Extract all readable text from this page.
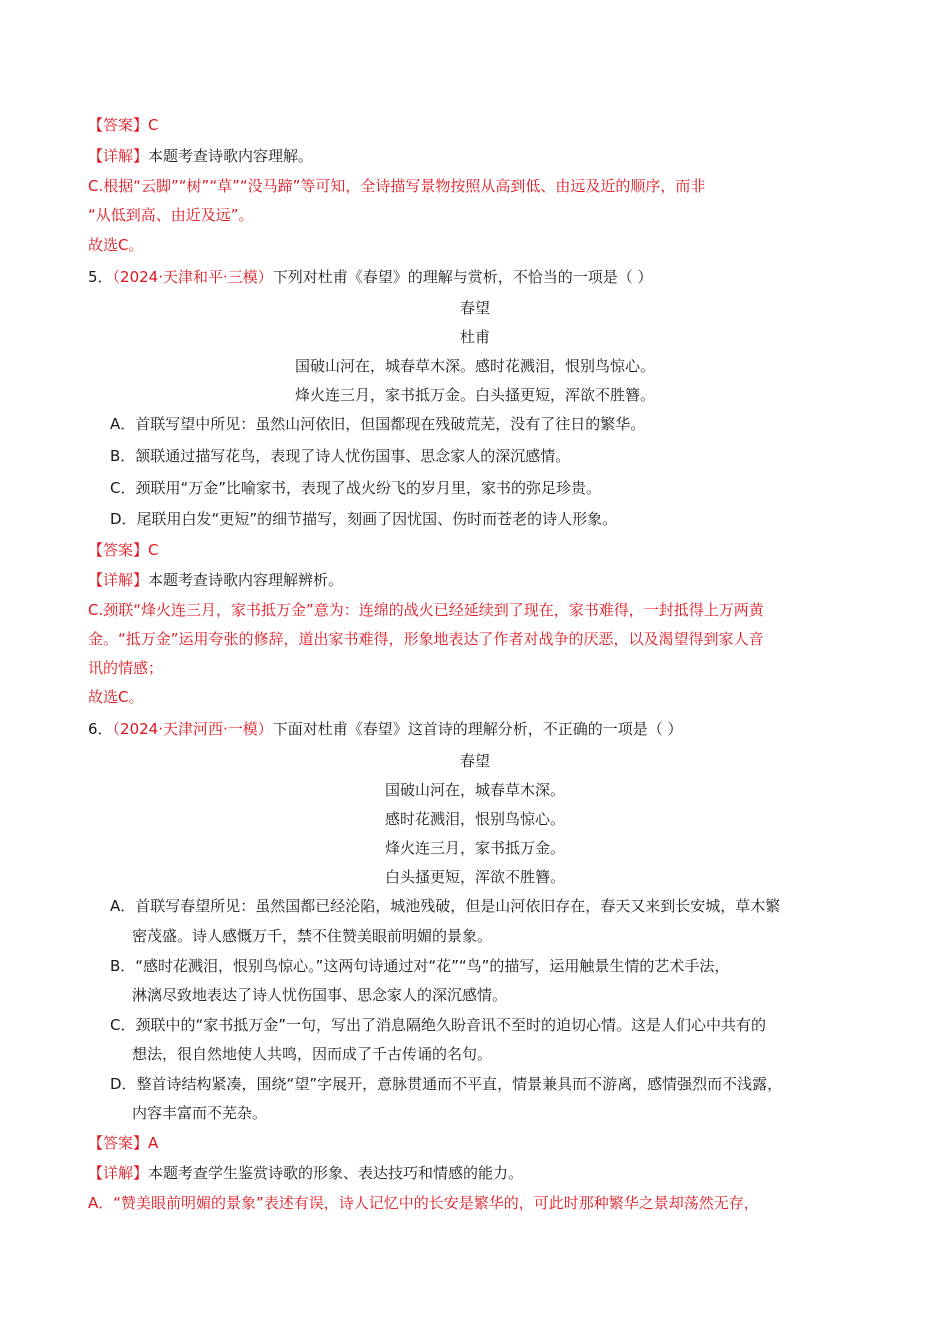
【答案】C
【详解】本题考查诗歌内容理解。
C.根据“云脚”“树”“草”“没马蹄”等可知，全诗描写景物按照从高到低、由远及近的顺序，而非
“从低到高、由近及远”。
故选C。
5．（2024·天津和平·三模）下列对杜甫《春望》的理解与赏析，不恰当的一项是（ ）
春望
杜甫
国破山河在，城春草木深。感时花溅泪，恨别鸟惊心。
烽火连三月，家书抵万金。白头搔更短，浑欲不胜簪。
A．首联写望中所见：虽然山河依旧，但国都现在残破荒芜，没有了往日的繁华。
B．颔联通过描写花鸟，表现了诗人忧伤国事、思念家人的深沉感情。
C．颈联用“万金”比喻家书，表现了战火纷飞的岁月里，家书的弥足珍贵。
D．尾联用白发“更短”的细节描写，刻画了因忧国、伤时而苍老的诗人形象。
【答案】C
【详解】本题考查诗歌内容理解辨析。
C.颈联“烽火连三月，家书抵万金”意为：连绵的战火已经延续到了现在，家书难得，一封抵得上万两黄
金。“抵万金”运用夸张的修辞，道出家书难得，形象地表达了作者对战争的厌恶，以及渴望得到家人音
讯的情感；
故选C。
6．（2024·天津河西·一模）下面对杜甫《春望》这首诗的理解分析，不正确的一项是（ ）
春望
国破山河在，城春草木深。
感时花溅泪，恨别鸟惊心。
烽火连三月，家书抵万金。
白头搔更短，浑欲不胜簪。
A．首联写春望所见：虽然国都已经沦陷，城池残破，但是山河依旧存在，春天又来到长安城，草木繁
密茂盛。诗人感慨万千，禁不住赞美眼前明媚的景象。
B．“感时花溅泪，恨别鸟惊心。”这两句诗通过对“花”“鸟”的描写，运用触景生情的艺术手法，
淋漓尽致地表达了诗人忧伤国事、思念家人的深沉感情。
C．颈联中的“家书抵万金”一句，写出了消息隔绝久盼音讯不至时的迫切心情。这是人们心中共有的
想法，很自然地使人共鸣，因而成了千古传诵的名句。
D．整首诗结构紧凑，围绕“望”字展开，意脉贯通而不平直，情景兼具而不游离，感情强烈而不浅露，
内容丰富而不芜杂。
【答案】A
【详解】本题考查学生鉴赏诗歌的形象、表达技巧和情感的能力。
A．“赞美眼前明媚的景象”表述有误，诗人记忆中的长安是繁华的，可此时那种繁华之景却荡然无存，
